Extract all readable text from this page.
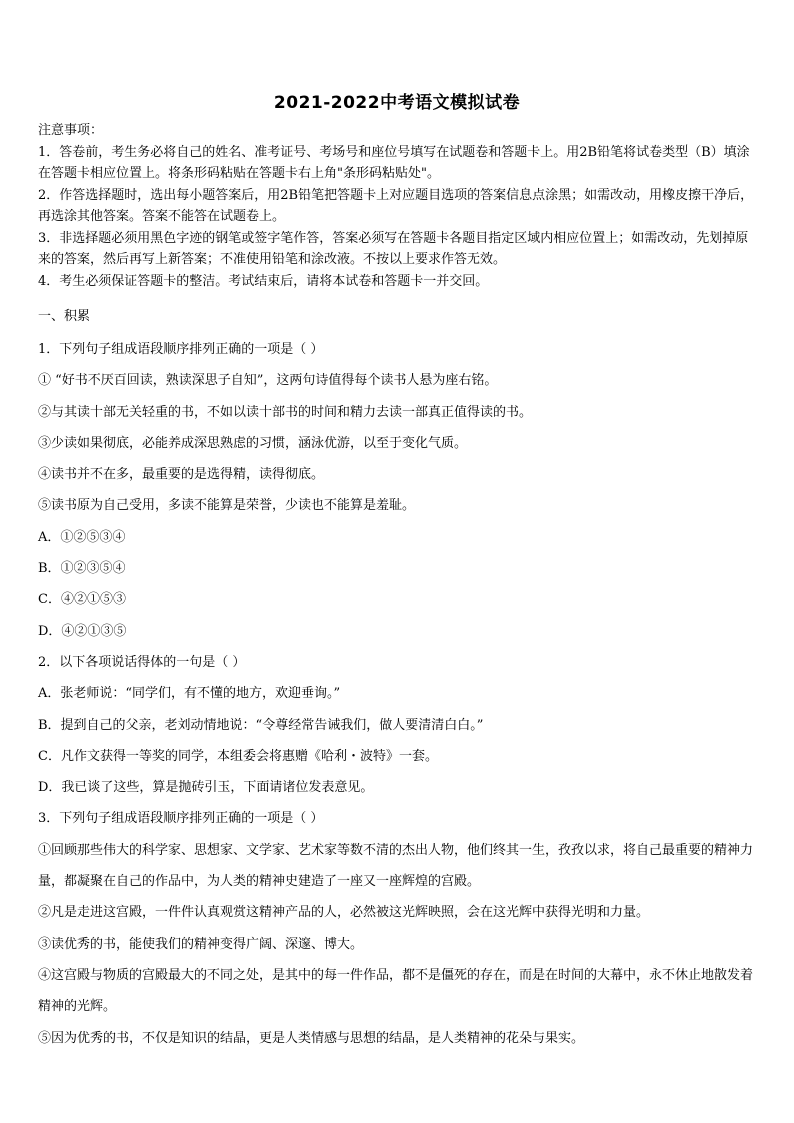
2021-2022中考语文模拟试卷

注意事项：

1．答卷前，考生务必将自己的姓名、准考证号、考场号和座位号填写在试题卷和答题卡上。用2B铅笔将试卷类型（B）填涂在答题卡相应位置上。将条形码粘贴在答题卡右上角"条形码粘贴处"。

2．作答选择题时，选出每小题答案后，用2B铅笔把答题卡上对应题目选项的答案信息点涂黑；如需改动，用橡皮擦干净后，再选涂其他答案。答案不能答在试题卷上。

3．非选择题必须用黑色字迹的钢笔或签字笔作答，答案必须写在答题卡各题目指定区域内相应位置上；如需改动，先划掉原来的答案，然后再写上新答案；不准使用铅笔和涂改液。不按以上要求作答无效。

4．考生必须保证答题卡的整洁。考试结束后，请将本试卷和答题卡一并交回。

一、积累

1．下列句子组成语段顺序排列正确的一项是（ ）

① “好书不厌百回读，熟读深思子自知”，这两句诗值得每个读书人悬为座右铭。

②与其读十部无关轻重的书，不如以读十部书的时间和精力去读一部真正值得读的书。

③少读如果彻底，必能养成深思熟虑的习惯，涵泳优游，以至于变化气质。

④读书并不在多，最重要的是选得精，读得彻底。

⑤读书原为自己受用，多读不能算是荣誉，少读也不能算是羞耻。

A．①②⑤③④

B．①②③⑤④

C．④②①⑤③

D．④②①③⑤

2．以下各项说话得体的一句是（ ）

A．张老师说：“同学们，有不懂的地方，欢迎垂询。”

B．提到自己的父亲，老刘动情地说：“令尊经常告诫我们，做人要清清白白。”

C．凡作文获得一等奖的同学，本组委会将惠赠《哈利・波特》一套。

D．我已谈了这些，算是抛砖引玉，下面请诸位发表意见。

3．下列句子组成语段顺序排列正确的一项是（ ）

①回顾那些伟大的科学家、思想家、文学家、艺术家等数不清的杰出人物，他们终其一生，孜孜以求，将自己最重要的精神力量，都凝聚在自己的作品中，为人类的精神史建造了一座又一座辉煌的宫殿。

②凡是走进这宫殿，一件件认真观赏这精神产品的人，必然被这光辉映照，会在这光辉中获得光明和力量。

③读优秀的书，能使我们的精神变得广阔、深邃、博大。

④这宫殿与物质的宫殿最大的不同之处，是其中的每一件作品，都不是僵死的存在，而是在时间的大幕中，永不休止地散发着精神的光辉。

⑤因为优秀的书，不仅是知识的结晶，更是人类情感与思想的结晶，是人类精神的花朵与果实。
